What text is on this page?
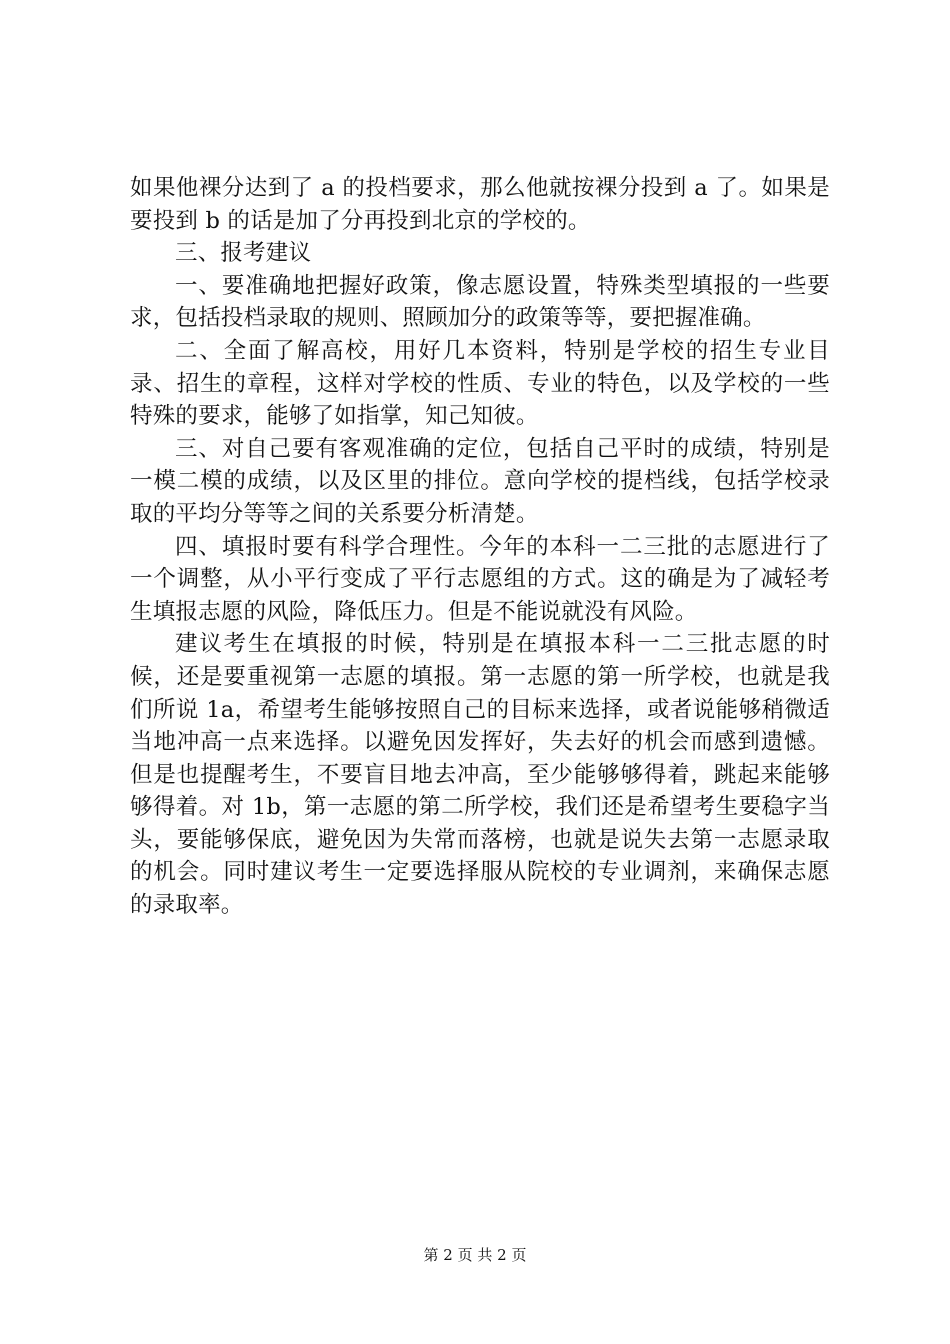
如果他裸分达到了 a 的投档要求，那么他就按裸分投到 a 了。如果是要投到 b 的话是加了分再投到北京的学校的。

三、报考建议

一、要准确地把握好政策，像志愿设置，特殊类型填报的一些要求，包括投档录取的规则、照顾加分的政策等等，要把握准确。

二、全面了解高校，用好几本资料，特别是学校的招生专业目录、招生的章程，这样对学校的性质、专业的特色，以及学校的一些特殊的要求，能够了如指掌，知己知彼。

三、对自己要有客观准确的定位，包括自己平时的成绩，特别是一模二模的成绩，以及区里的排位。意向学校的提档线，包括学校录取的平均分等等之间的关系要分析清楚。

四、填报时要有科学合理性。今年的本科一二三批的志愿进行了一个调整，从小平行变成了平行志愿组的方式。这的确是为了减轻考生填报志愿的风险，降低压力。但是不能说就没有风险。

建议考生在填报的时候，特别是在填报本科一二三批志愿的时候，还是要重视第一志愿的填报。第一志愿的第一所学校，也就是我们所说 1a，希望考生能够按照自己的目标来选择，或者说能够稍微适当地冲高一点来选择。以避免因发挥好，失去好的机会而感到遗憾。但是也提醒考生，不要盲目地去冲高，至少能够够得着，跳起来能够够得着。对 1b，第一志愿的第二所学校，我们还是希望考生要稳字当头，要能够保底，避免因为失常而落榜，也就是说失去第一志愿录取的机会。同时建议考生一定要选择服从院校的专业调剂，来确保志愿的录取率。

第 2 页 共 2 页
